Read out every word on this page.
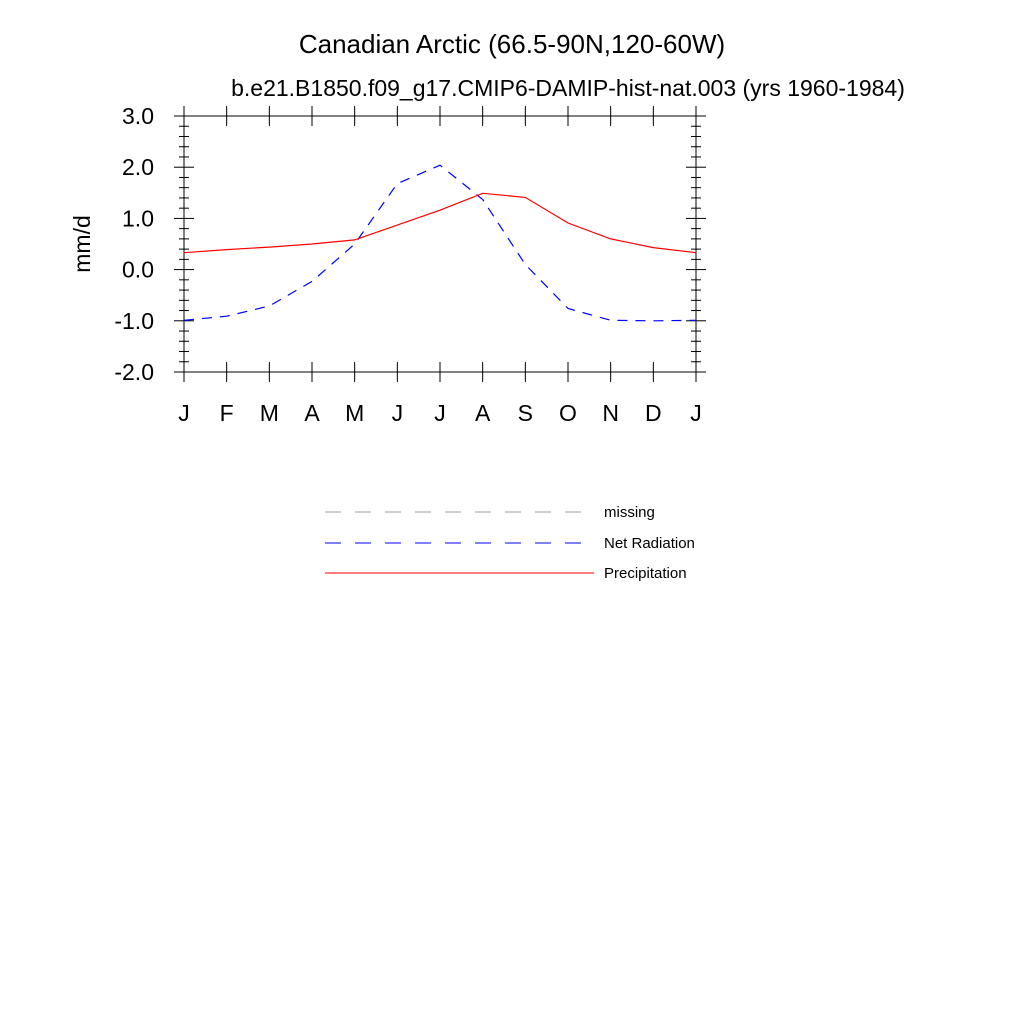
Canadian Arctic (66.5-90N,120-60W)
b.e21.B1850.f09_g17.CMIP6-DAMIP-hist-nat.003 (yrs 1960-1984)
mm/d
-2.0
-1.0
0.0
1.0
2.0
3.0
J F M A M J J A S O N D J
missing
Net Radiation
Precipitation
